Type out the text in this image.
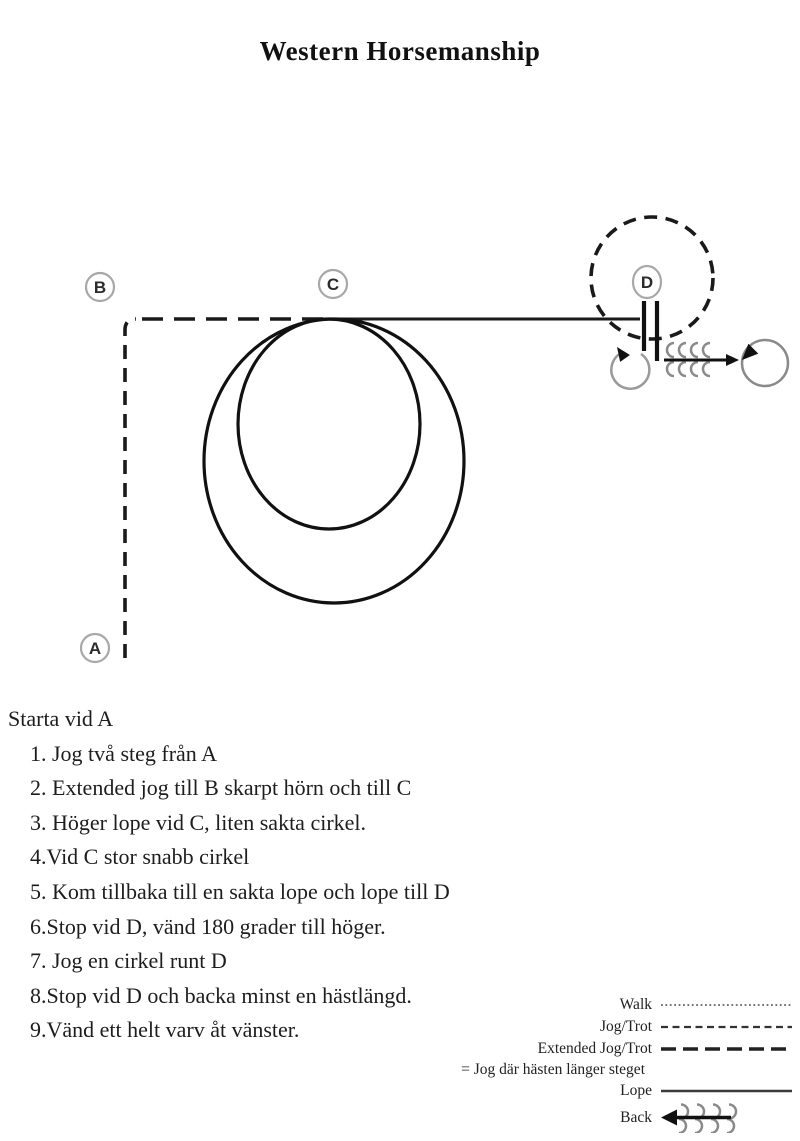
Western Horsemanship
B	C	D
A
Starta vid A
1. Jog två steg från A
2. Extended jog till B skarpt hörn och till C
3. Höger lope vid C, liten sakta cirkel.
4.Vid C stor snabb cirkel
5. Kom tillbaka till en sakta lope och lope till D
6.Stop vid D, vänd 180 grader till höger.
7. Jog en cirkel runt D
8.Stop vid D och backa minst en hästlängd.
9.Vänd ett helt varv åt vänster.
Walk
Jog/Trot
Extended Jog/Trot
= Jog där hästen länger steget
Lope
Back
